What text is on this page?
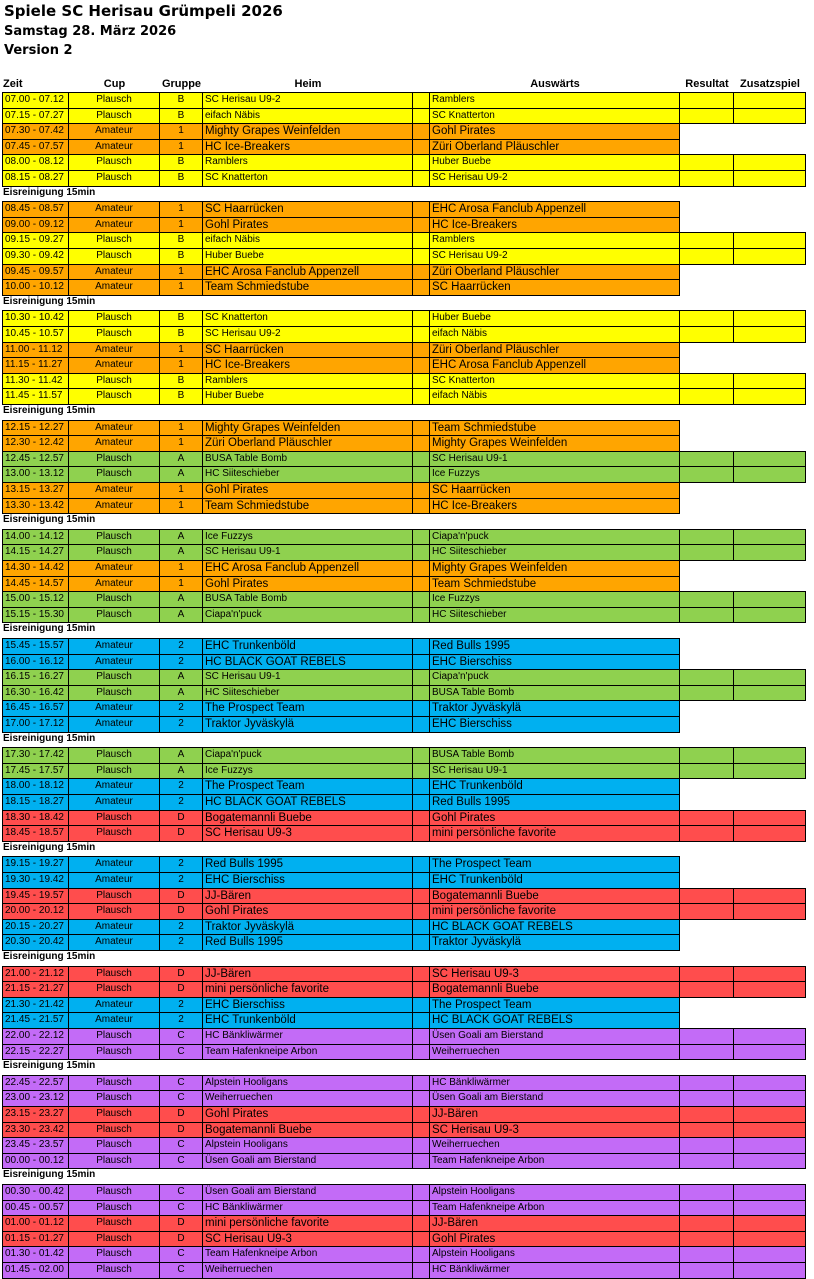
Spiele SC Herisau Grümpeli 2026
Samstag 28. März 2026
Version 2
Zeit	Cup	Gruppe	Heim	Auswärts	Resultat	Zusatzspiel
07.00 - 07.12	Plausch	B	SC Herisau U9-2	Ramblers
07.15 - 07.27	Plausch	B	eifach Näbis	SC Knatterton
07.30 - 07.42	Amateur	1	Mighty Grapes Weinfelden	Gohl Pirates
07.45 - 07.57	Amateur	1	HC Ice-Breakers	Züri Oberland Pläuschler
08.00 - 08.12	Plausch	B	Ramblers	Huber Buebe
08.15 - 08.27	Plausch	B	SC Knatterton	SC Herisau U9-2
Eisreinigung 15min
08.45 - 08.57	Amateur	1	SC Haarrücken	EHC Arosa Fanclub Appenzell
09.00 - 09.12	Amateur	1	Gohl Pirates	HC Ice-Breakers
09.15 - 09.27	Plausch	B	eifach Näbis	Ramblers
09.30 - 09.42	Plausch	B	Huber Buebe	SC Herisau U9-2
09.45 - 09.57	Amateur	1	EHC Arosa Fanclub Appenzell	Züri Oberland Pläuschler
10.00 - 10.12	Amateur	1	Team Schmiedstube	SC Haarrücken
Eisreinigung 15min
10.30 - 10.42	Plausch	B	SC Knatterton	Huber Buebe
10.45 - 10.57	Plausch	B	SC Herisau U9-2	eifach Näbis
11.00 - 11.12	Amateur	1	SC Haarrücken	Züri Oberland Pläuschler
11.15 - 11.27	Amateur	1	HC Ice-Breakers	EHC Arosa Fanclub Appenzell
11.30 - 11.42	Plausch	B	Ramblers	SC Knatterton
11.45 - 11.57	Plausch	B	Huber Buebe	eifach Näbis
Eisreinigung 15min
12.15 - 12.27	Amateur	1	Mighty Grapes Weinfelden	Team Schmiedstube
12.30 - 12.42	Amateur	1	Züri Oberland Pläuschler	Mighty Grapes Weinfelden
12.45 - 12.57	Plausch	A	BUSA Table Bomb	SC Herisau U9-1
13.00 - 13.12	Plausch	A	HC Siiteschieber	Ice Fuzzys
13.15 - 13.27	Amateur	1	Gohl Pirates	SC Haarrücken
13.30 - 13.42	Amateur	1	Team Schmiedstube	HC Ice-Breakers
Eisreinigung 15min
14.00 - 14.12	Plausch	A	Ice Fuzzys	Ciapa'n'puck
14.15 - 14.27	Plausch	A	SC Herisau U9-1	HC Siiteschieber
14.30 - 14.42	Amateur	1	EHC Arosa Fanclub Appenzell	Mighty Grapes Weinfelden
14.45 - 14.57	Amateur	1	Gohl Pirates	Team Schmiedstube
15.00 - 15.12	Plausch	A	BUSA Table Bomb	Ice Fuzzys
15.15 - 15.30	Plausch	A	Ciapa'n'puck	HC Siiteschieber
Eisreinigung 15min
15.45 - 15.57	Amateur	2	EHC Trunkenböld	Red Bulls 1995
16.00 - 16.12	Amateur	2	HC BLACK GOAT REBELS	EHC Bierschiss
16.15 - 16.27	Plausch	A	SC Herisau U9-1	Ciapa'n'puck
16.30 - 16.42	Plausch	A	HC Siiteschieber	BUSA Table Bomb
16.45 - 16.57	Amateur	2	The Prospect Team	Traktor Jyväskylä
17.00 - 17.12	Amateur	2	Traktor Jyväskylä	EHC Bierschiss
Eisreinigung 15min
17.30 - 17.42	Plausch	A	Ciapa'n'puck	BUSA Table Bomb
17.45 - 17.57	Plausch	A	Ice Fuzzys	SC Herisau U9-1
18.00 - 18.12	Amateur	2	The Prospect Team	EHC Trunkenböld
18.15 - 18.27	Amateur	2	HC BLACK GOAT REBELS	Red Bulls 1995
18.30 - 18.42	Plausch	D	Bogatemannli Buebe	Gohl Pirates
18.45 - 18.57	Plausch	D	SC Herisau U9-3	mini persönliche favorite
Eisreinigung 15min
19.15 - 19.27	Amateur	2	Red Bulls 1995	The Prospect Team
19.30 - 19.42	Amateur	2	EHC Bierschiss	EHC Trunkenböld
19.45 - 19.57	Plausch	D	JJ-Bären	Bogatemannli Buebe
20.00 - 20.12	Plausch	D	Gohl Pirates	mini persönliche favorite
20.15 - 20.27	Amateur	2	Traktor Jyväskylä	HC BLACK GOAT REBELS
20.30 - 20.42	Amateur	2	Red Bulls 1995	Traktor Jyväskylä
Eisreinigung 15min
21.00 - 21.12	Plausch	D	JJ-Bären	SC Herisau U9-3
21.15 - 21.27	Plausch	D	mini persönliche favorite	Bogatemannli Buebe
21.30 - 21.42	Amateur	2	EHC Bierschiss	The Prospect Team
21.45 - 21.57	Amateur	2	EHC Trunkenböld	HC BLACK GOAT REBELS
22.00 - 22.12	Plausch	C	HC Bänkliwärmer	Üsen Goali am Bierstand
22.15 - 22.27	Plausch	C	Team Hafenkneipe Arbon	Weiherruechen
Eisreinigung 15min
22.45 - 22.57	Plausch	C	Alpstein Hooligans	HC Bänkliwärmer
23.00 - 23.12	Plausch	C	Weiherruechen	Üsen Goali am Bierstand
23.15 - 23.27	Plausch	D	Gohl Pirates	JJ-Bären
23.30 - 23.42	Plausch	D	Bogatemannli Buebe	SC Herisau U9-3
23.45 - 23.57	Plausch	C	Alpstein Hooligans	Weiherruechen
00.00 - 00.12	Plausch	C	Üsen Goali am Bierstand	Team Hafenkneipe Arbon
Eisreinigung 15min
00.30 - 00.42	Plausch	C	Üsen Goali am Bierstand	Alpstein Hooligans
00.45 - 00.57	Plausch	C	HC Bänkliwärmer	Team Hafenkneipe Arbon
01.00 - 01.12	Plausch	D	mini persönliche favorite	JJ-Bären
01.15 - 01.27	Plausch	D	SC Herisau U9-3	Gohl Pirates
01.30 - 01.42	Plausch	C	Team Hafenkneipe Arbon	Alpstein Hooligans
01.45 - 02.00	Plausch	C	Weiherruechen	HC Bänkliwärmer
